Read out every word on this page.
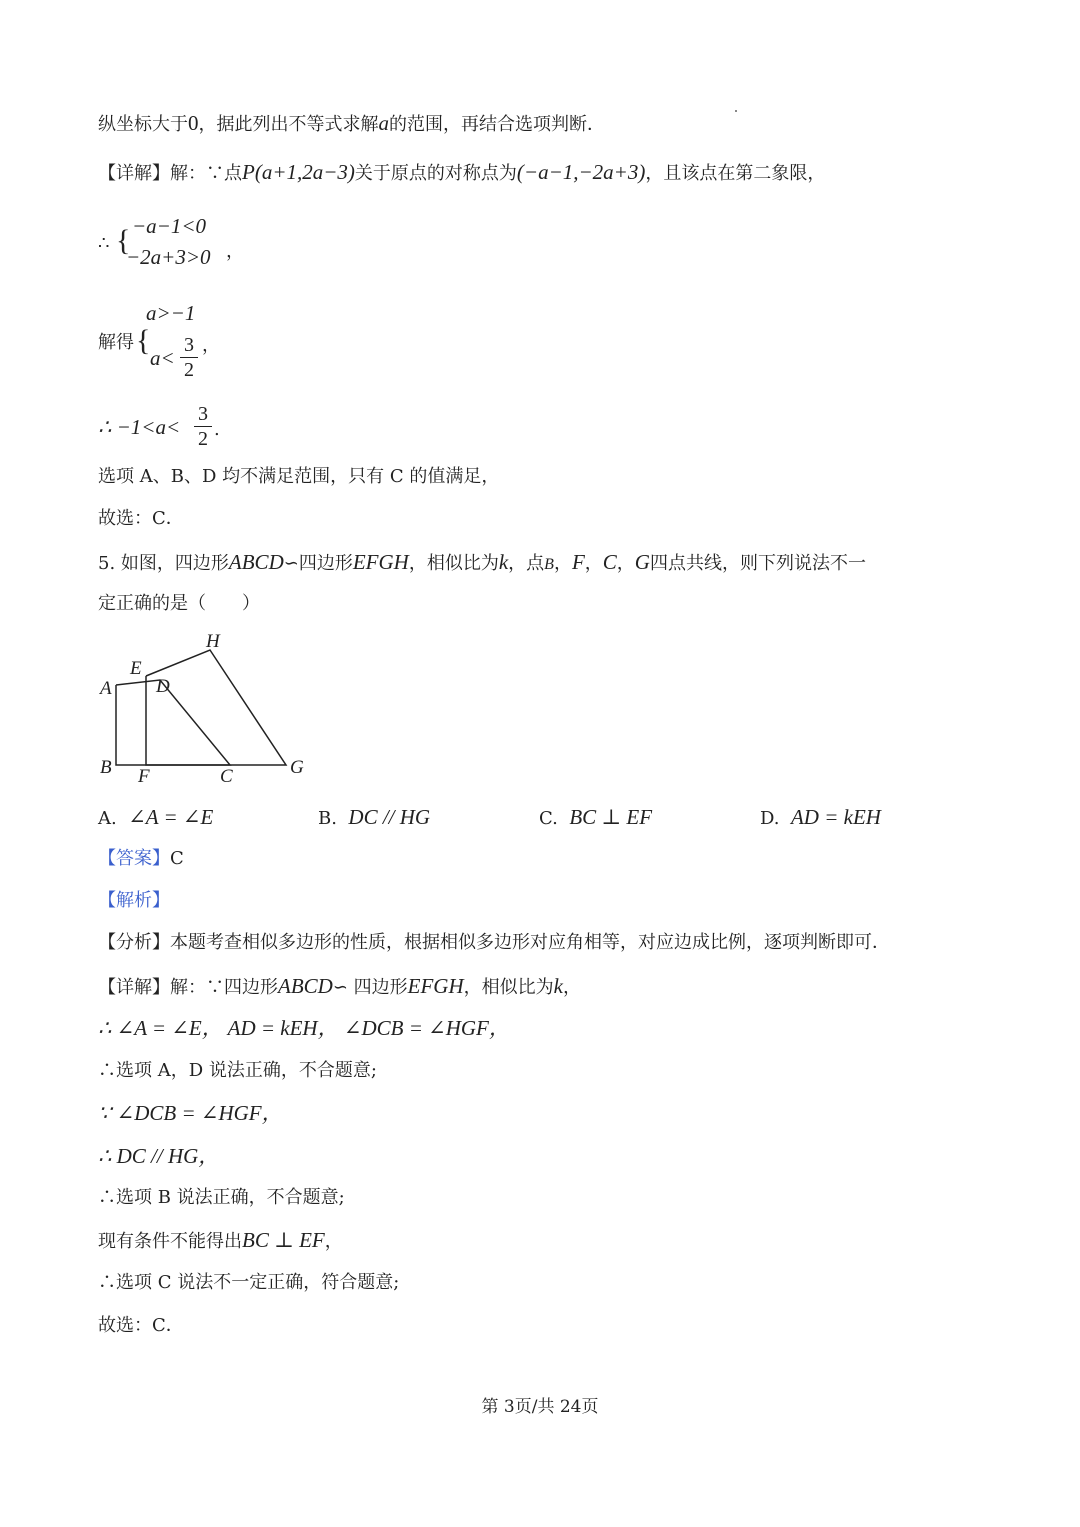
纵坐标大于0，据此列出不等式求解a的范围，再结合选项判断．
【详解】解：∵点P(a+1,2a−3)关于原点的对称点为(−a−1,−2a+3)，且该点在第二象限，
∴ { −a−1<0
−2a+3>0 ，
解得 {
a>−1
a<
3
2
，
∴ −1<a<
3
2 .
选项 A、B、D 均不满足范围，只有 C 的值满足，
故选：C．
5. 如图，四边形ABCD∽四边形EFGH，相似比为k，点B，F，C，G四点共线，则下列说法不一
定正确的是（　　）
A
B	C
D
E
F	G
H
A. ∠A = ∠E	B. DC // HG	C. BC ⊥ EF	D. AD = kEH
【答案】C
【解析】
【分析】本题考查相似多边形的性质，根据相似多边形对应角相等，对应边成比例，逐项判断即可．
【详解】解：∵四边形ABCD∽ 四边形EFGH，相似比为k，
∴ ∠A = ∠E， AD = kEH， ∠DCB = ∠HGF，
∴选项 A，D 说法正确，不合题意;
∵ ∠DCB = ∠HGF，
∴ DC // HG，
∴选项 B 说法正确，不合题意;
现有条件不能得出BC ⊥ EF，
∴选项 C 说法不一定正确，符合题意;
故选：C．
第 3页/共 24页
